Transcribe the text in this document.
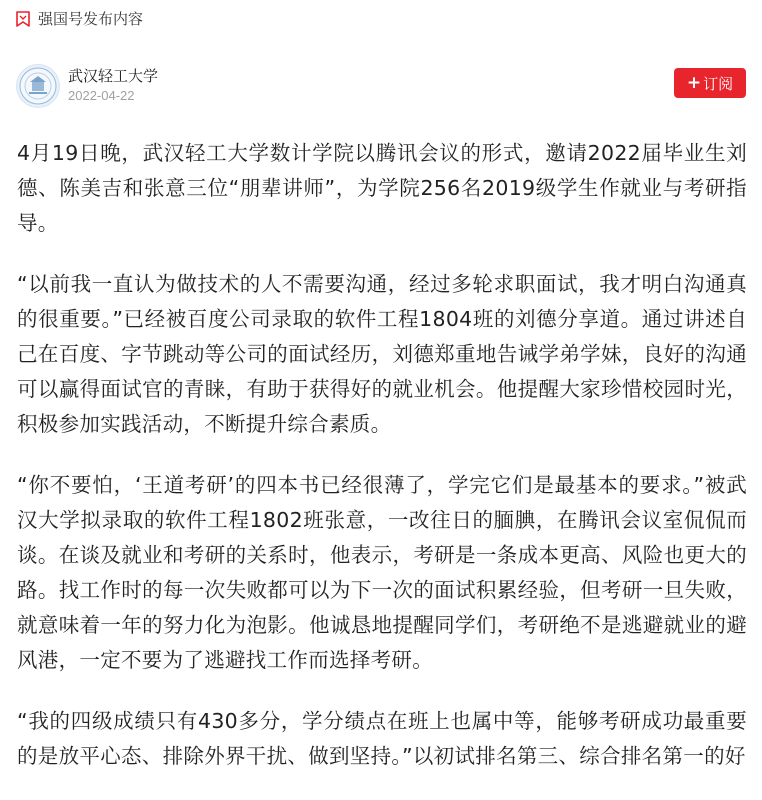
强国号发布内容
武汉轻工大学
2022-04-22
+ 订阅

4月19日晚，武汉轻工大学数计学院以腾讯会议的形式，邀请2022届毕业生刘德、陈美吉和张意三位“朋辈讲师”，为学院256名2019级学生作就业与考研指导。

“以前我一直认为做技术的人不需要沟通，经过多轮求职面试，我才明白沟通真的很重要。”已经被百度公司录取的软件工程1804班的刘德分享道。通过讲述自己在百度、字节跳动等公司的面试经历，刘德郑重地告诫学弟学妹，良好的沟通可以赢得面试官的青睐，有助于获得好的就业机会。他提醒大家珍惜校园时光，积极参加实践活动，不断提升综合素质。

“你不要怕，‘王道考研’的四本书已经很薄了，学完它们是最基本的要求。”被武汉大学拟录取的软件工程1802班张意，一改往日的腼腆，在腾讯会议室侃侃而谈。在谈及就业和考研的关系时，他表示，考研是一条成本更高、风险也更大的路。找工作时的每一次失败都可以为下一次的面试积累经验，但考研一旦失败，就意味着一年的努力化为泡影。他诚恳地提醒同学们，考研绝不是逃避就业的避风港，一定不要为了逃避找工作而选择考研。

“我的四级成绩只有430多分，学分绩点在班上也属中等，能够考研成功最重要的是放平心态、排除外界干扰、做到坚持。”以初试排名第三、综合排名第一的好
